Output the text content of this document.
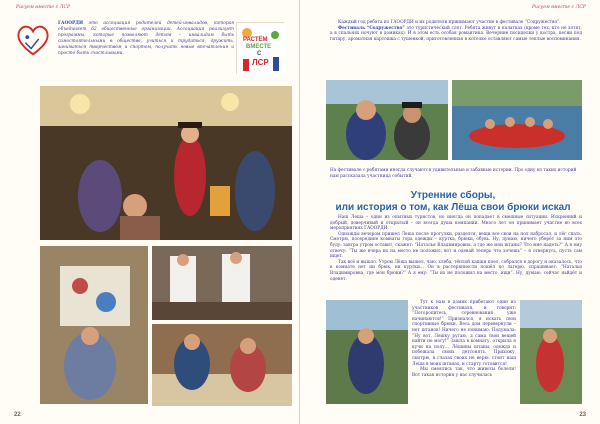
Рисуем вместе с ЛСР
ГАООРДИ это ассоциация родителей детей-инвалидов, которая объединяет 62 общественные организации. Ассоциация реализует программы, которые позволяют детям – инвалидам быть самостоятельными в обществе, учиться и трудиться, дружить, заниматься творчеством и спортом, получать новые впечатления и просто быть счастливыми.
РАСТЁМ
ВМЕСТЕ
С
ЛСР
22
Рисуем вместе с ЛСР

Каждый год ребята из ГАООРДИ и их родители принимают участие в фестивале “Содружество”.

Фестиваль “Содружество” это туристический слет. Ребята живут в палатках (кроме тех, кто не хотят, а в спальнях ночуют в домиках). И в этом есть особая романтика. Вечерние посиделки у костра, песни под гитару, ароматная картошка с тушенкой, приготовленная в котелке оставляют самые теплые воспоминания.

На фестивале с ребятами иногда случаются удивительные и забавные истории. Про одну из таких историй нам рассказала участница событий.
Утренние сборы,
или история о том, как Лёша свои брюки искал

Наш Леша – один из опытных туристов, но иногда он попадает в смешные ситуации. Искренний и добрый, доверчивый и открытый – он всегда душа компании. Много лет он принимает участие во всех мероприятиях ГАООРДИ.

Однажды вечером пришел Леша после прогулки, разделся, вещи все свои на пол набросал, и лёг спать. Смотрю, посередине комнаты гора одежды – куртка, брюки, обувь. Ну, думаю, ничего уберёт за ним это буду: завтра утром оставит, скажет: “Наталья Владимировна, а где же мои штаны? Что мне надеть?” А я ему отвечу: “Ты же вчера их на место не положил, вот и одевай теперь что хочешь” – я отвернусь, пусть сам ищет.

Так всё и вышло. Утром Лёша вышел, чаю, хлеба, тёплой кашки поел, собрался в дорогу и оказалось, что в комнате нет ни брюк, ни куртки… Он в растерянности пошёл по лагерю, спрашивает: “Наталья Владимировна, где мои брюки?” А я ему: “Ты их не положил на место, ищи”. Ну, думаю, сейчас найдёт и оденет.

Тут к нам в домик прибегают один из участников фестиваля, и говорит: “Поторопитесь, соревнования уже начинаются!” Признался, я искать свои спортивные брюки. Весь дом перевернули – нет штанов! Ничего не понимаю. Подумала: “Ну вот, Лешку ругаю, а сама свои вещей найти не могу!” Зашла в комнату, открыла я кучи на полу… Лёшины штаны, одежда и побежала своих детсонять. Прихожу, смотрю, в глазах своих не верю: стоит наш Леша в моих штанах, и старту готовится!

Мы смеялись так, что животы болели! Вот такая история у нас случилась

23
